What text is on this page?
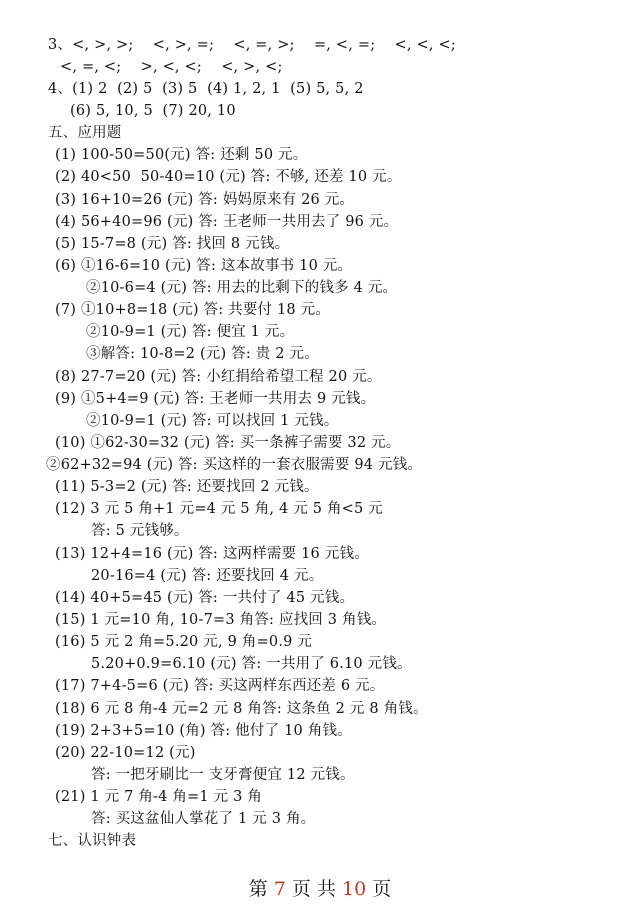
3、<, >, >;    <, >, =;    <, =, >;    =, <, =;    <, <, <;
<, =, <;    >, <, <;    <, >, <;
4、(1) 2  (2) 5  (3) 5  (4) 1, 2, 1  (5) 5, 5, 2
(6) 5, 10, 5  (7) 20, 10
五、应用题
(1) 100-50=50(元) 答: 还剩 50 元。
(2) 40<50  50-40=10 (元) 答: 不够, 还差 10 元。
(3) 16+10=26 (元) 答: 妈妈原来有 26 元。
(4) 56+40=96 (元) 答: 王老师一共用去了 96 元。
(5) 15-7=8 (元) 答: 找回 8 元钱。
(6) ①16-6=10 (元) 答: 这本故事书 10 元。
②10-6=4 (元) 答: 用去的比剩下的钱多 4 元。
(7) ①10+8=18 (元) 答: 共要付 18 元。
②10-9=1 (元) 答: 便宜 1 元。
③解答: 10-8=2 (元) 答: 贵 2 元。
(8) 27-7=20 (元) 答: 小红捐给希望工程 20 元。
(9) ①5+4=9 (元) 答: 王老师一共用去 9 元钱。
②10-9=1 (元) 答: 可以找回 1 元钱。
(10) ①62-30=32 (元) 答: 买一条裤子需要 32 元。
②62+32=94 (元) 答: 买这样的一套衣服需要 94 元钱。
(11) 5-3=2 (元) 答: 还要找回 2 元钱。
(12) 3 元 5 角+1 元=4 元 5 角, 4 元 5 角<5 元
答: 5 元钱够。
(13) 12+4=16 (元) 答: 这两样需要 16 元钱。
20-16=4 (元) 答: 还要找回 4 元。
(14) 40+5=45 (元) 答: 一共付了 45 元钱。
(15) 1 元=10 角, 10-7=3 角答: 应找回 3 角钱。
(16) 5 元 2 角=5.20 元, 9 角=0.9 元
5.20+0.9=6.10 (元) 答: 一共用了 6.10 元钱。
(17) 7+4-5=6 (元) 答: 买这两样东西还差 6 元。
(18) 6 元 8 角-4 元=2 元 8 角答: 这条鱼 2 元 8 角钱。
(19) 2+3+5=10 (角) 答: 他付了 10 角钱。
(20) 22-10=12 (元)
答: 一把牙刷比一 支牙膏便宜 12 元钱。
(21) 1 元 7 角-4 角=1 元 3 角
答: 买这盆仙人掌花了 1 元 3 角。
七、认识钟表
第 7 页 共 10 页
